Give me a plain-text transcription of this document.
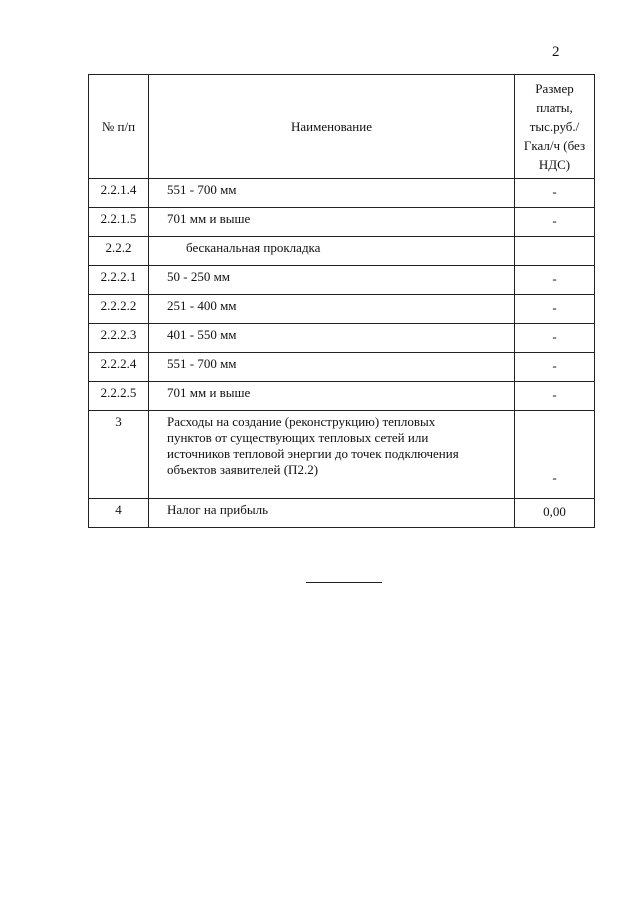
2
№ п/п	Наименование	Размер
платы,
тыс.руб./
Гкал/ч (без
НДС)

2.2.1.4	551 - 700 мм	-
2.2.1.5	701 мм и выше	-
2.2.2	бесканальная прокладка	
2.2.2.1	50 - 250 мм	-
2.2.2.2	251 - 400 мм	-
2.2.2.3	401 - 550 мм	-
2.2.2.4	551 - 700 мм	-
2.2.2.5	701 мм и выше	-
3	Расходы на создание (реконструкцию) тепловых
пунктов от существующих тепловых сетей или
источников тепловой энергии до точек подключения
объектов заявителей (П2.2)	-
4	Налог на прибыль	0,00
